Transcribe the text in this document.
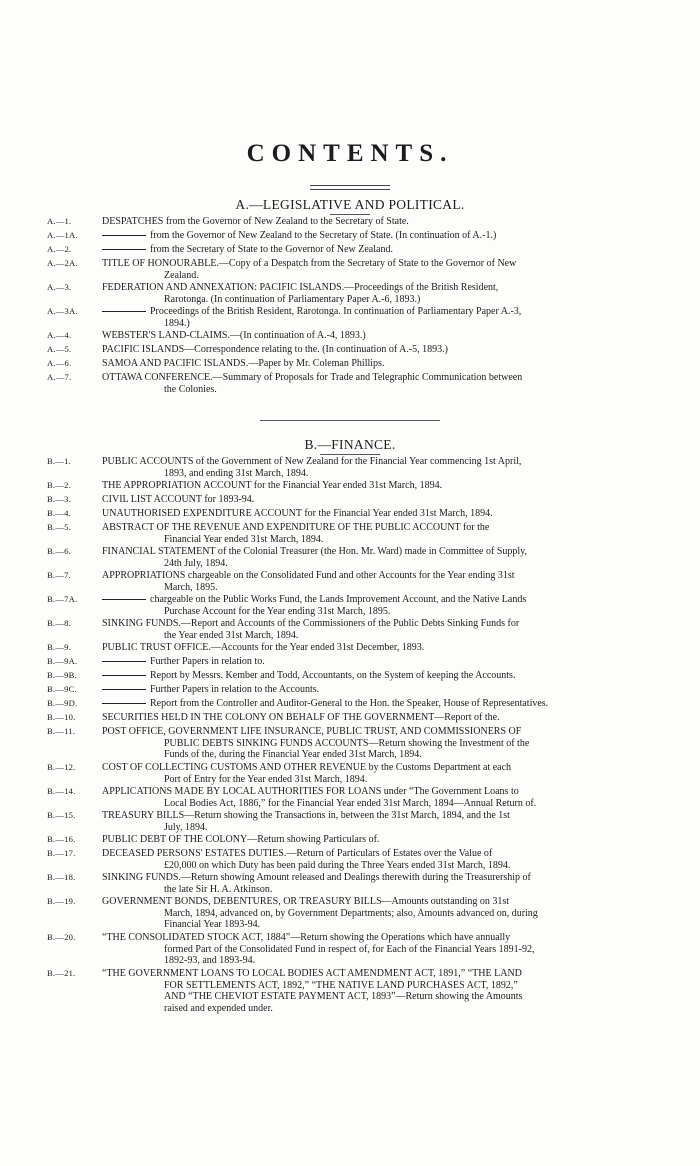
CONTENTS.
A.—LEGISLATIVE AND POLITICAL.
A.—1.	DESPATCHES from the Governor of New Zealand to the Secretary of State.
A.—1A.	from the Governor of New Zealand to the Secretary of State. (In continuation of A.-1.)
A.—2.	from the Secretary of State to the Governor of New Zealand.
A.—2A.	TITLE OF HONOURABLE.—Copy of a Despatch from the Secretary of State to the Governor of New
Zealand.
A.—3.	FEDERATION AND ANNEXATION: PACIFIC ISLANDS.—Proceedings of the British Resident,
Rarotonga. (In continuation of Parliamentary Paper A.-6, 1893.)
A.—3A.	Proceedings of the British Resident, Rarotonga. In continuation of Parliamentary Paper A.-3,
1894.)
A.—4.	WEBSTER'S LAND-CLAIMS.—(In continuation of A.-4, 1893.)
A.—5.	PACIFIC ISLANDS—Correspondence relating to the. (In continuation of A.-5, 1893.)
A.—6.	SAMOA AND PACIFIC ISLANDS.—Paper by Mr. Coleman Phillips.
A.—7.	OTTAWA CONFERENCE.—Summary of Proposals for Trade and Telegraphic Communication between
the Colonies.
B.—FINANCE.
B.—1.	PUBLIC ACCOUNTS of the Government of New Zealand for the Financial Year commencing 1st April,
1893, and ending 31st March, 1894.
B.—2.	THE APPROPRIATION ACCOUNT for the Financial Year ended 31st March, 1894.
B.—3.	CIVIL LIST ACCOUNT for 1893-94.
B.—4.	UNAUTHORISED EXPENDITURE ACCOUNT for the Financial Year ended 31st March, 1894.
B.—5.	ABSTRACT OF THE REVENUE AND EXPENDITURE OF THE PUBLIC ACCOUNT for the
Financial Year ended 31st March, 1894.
B.—6.	FINANCIAL STATEMENT of the Colonial Treasurer (the Hon. Mr. Ward) made in Committee of Supply,
24th July, 1894.
B.—7.	APPROPRIATIONS chargeable on the Consolidated Fund and other Accounts for the Year ending 31st
March, 1895.
B.—7A.	chargeable on the Public Works Fund, the Lands Improvement Account, and the Native Lands
Purchase Account for the Year ending 31st March, 1895.
B.—8.	SINKING FUNDS.—Report and Accounts of the Commissioners of the Public Debts Sinking Funds for
the Year ended 31st March, 1894.
B.—9.	PUBLIC TRUST OFFICE.—Accounts for the Year ended 31st December, 1893.
B.—9A.	Further Papers in relation to.
B.—9B.	Report by Messrs. Kember and Todd, Accountants, on the System of keeping the Accounts.
B.—9C.	Further Papers in relation to the Accounts.
B.—9D.	Report from the Controller and Auditor-General to the Hon. the Speaker, House of Representatives.
B.—10.	SECURITIES HELD IN THE COLONY ON BEHALF OF THE GOVERNMENT—Report of the.
B.—11.	POST OFFICE, GOVERNMENT LIFE INSURANCE, PUBLIC TRUST, AND COMMISSIONERS OF
PUBLIC DEBTS SINKING FUNDS ACCOUNTS—Return showing the Investment of the
Funds of the, during the Financial Year ended 31st March, 1894.
B.—12.	COST OF COLLECTING CUSTOMS AND OTHER REVENUE by the Customs Department at each
Port of Entry for the Year ended 31st March, 1894.
B.—14.	APPLICATIONS MADE BY LOCAL AUTHORITIES FOR LOANS under “The Government Loans to
Local Bodies Act, 1886,” for the Financial Year ended 31st March, 1894—Annual Return of.
B.—15.	TREASURY BILLS—Return showing the Transactions in, between the 31st March, 1894, and the 1st
July, 1894.
B.—16.	PUBLIC DEBT OF THE COLONY—Return showing Particulars of.
B.—17.	DECEASED PERSONS' ESTATES DUTIES.—Return of Particulars of Estates over the Value of
£20,000 on which Duty has been paid during the Three Years ended 31st March, 1894.
B.—18.	SINKING FUNDS.—Return showing Amount released and Dealings therewith during the Treasurership of
the late Sir H. A. Atkinson.
B.—19.	GOVERNMENT BONDS, DEBENTURES, OR TREASURY BILLS—Amounts outstanding on 31st
March, 1894, advanced on, by Government Departments; also, Amounts advanced on, during
Financial Year 1893-94.
B.—20.	“THE CONSOLIDATED STOCK ACT, 1884”—Return showing the Operations which have annually
formed Part of the Consolidated Fund in respect of, for Each of the Financial Years 1891-92,
1892-93, and 1893-94.
B.—21.	“THE GOVERNMENT LOANS TO LOCAL BODIES ACT AMENDMENT ACT, 1891,” “THE LAND
FOR SETTLEMENTS ACT, 1892,” “THE NATIVE LAND PURCHASES ACT, 1892,”
AND “THE CHEVIOT ESTATE PAYMENT ACT, 1893”—Return showing the Amounts
raised and expended under.
